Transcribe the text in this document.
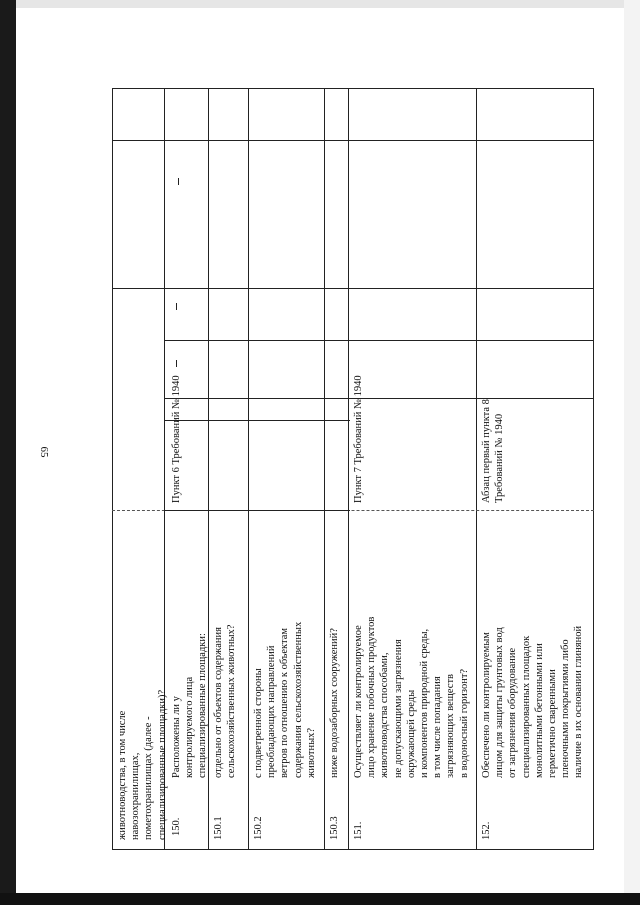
65
животноводства, в том числе
навозохранилищах,
пометохранилищах (далее -
специализированные площадки)?
150.
Расположены ли у
контролируемого лица
специализированные площадки:
Пункт 6 Требований № 1940
150.1
отдельно от объектов содержания
сельскохозяйственных животных?
150.2
с подветренной стороны
преобладающих направлений
ветров по отношению к объектам
содержания сельскохозяйственных
животных?
150.3
ниже водозаборных сооружений?
151.
Осуществляет ли контролируемое
лицо хранение побочных продуктов
животноводства способами,
не допускающими загрязнения
окружающей среды
и компонентов природной среды,
в том числе попадания
загрязняющих веществ
в водоносный горизонт?
Пункт 7 Требований № 1940
152.
Обеспечено ли контролируемым
лицом для защиты грунтовых вод
от загрязнения оборудование
специализированных площадок
монолитными бетонными или
герметично сваренными
пленочными покрытиями либо
наличие в их основании глиняной
Абзац первый пункта 8
Требований № 1940
